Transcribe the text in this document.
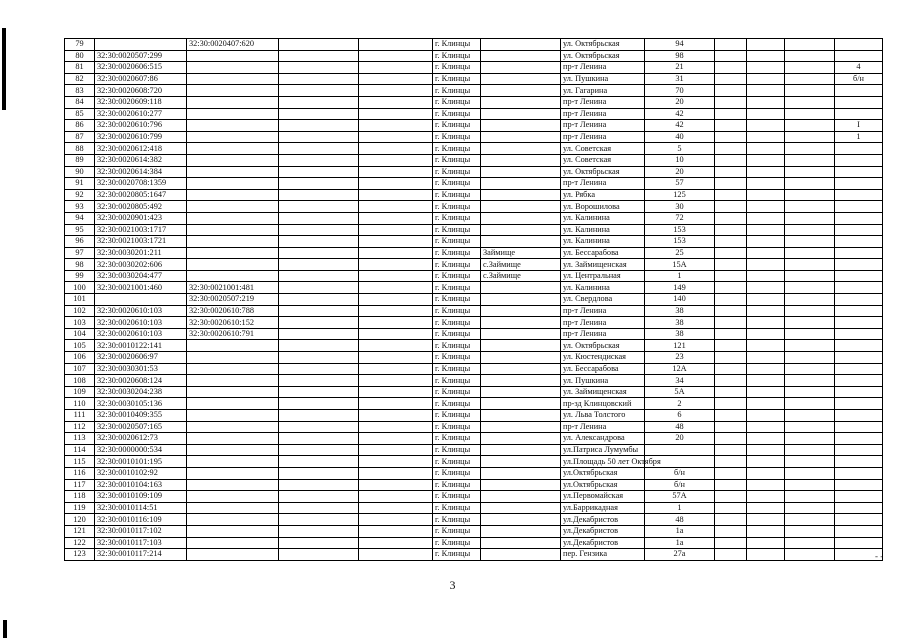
- -
79		32:30:0020407:620			г. Клинцы		ул. Октябрьская	94				
80	32:30:0020507:299				г. Клинцы		ул. Октябрьская	98				
81	32:30:0020606:515				г. Клинцы		пр-т Ленина	21				4
82	32:30:0020607:86				г. Клинцы		ул. Пушкина	31				б/н
83	32:30:0020608:720				г. Клинцы		ул. Гагарина	70				
84	32:30:0020609:118				г. Клинцы		пр-т Ленина	20				
85	32:30:0020610:277				г. Клинцы		пр-т Ленина	42				
86	32:30:0020610:796				г. Клинцы		пр-т Ленина	42				I
87	32:30:0020610:799				г. Клинцы		пр-т Ленина	40				1
88	32:30:0020612:418				г. Клинцы		ул. Советская	5				
89	32:30:0020614:382				г. Клинцы		ул. Советская	10				
90	32:30:0020614:384				г. Клинцы		ул. Октябрьская	20				
91	32:30:0020708:1359				г. Клинцы		пр-т Ленина	57				
92	32:30:0020805:1647				г. Клинцы		ул. Рябка	125				
93	32:30:0020805:492				г. Клинцы		ул. Ворошилова	30				
94	32:30:0020901:423				г. Клинцы		ул. Калинина	72				
95	32:30:0021003:1717				г. Клинцы		ул. Калинина	153				
96	32:30:0021003:1721				г. Клинцы		ул. Калинина	153				
97	32:30:0030201:211				г. Клинцы	Займище	ул. Бессарабова	25				
98	32:30:0030202:606				г. Клинцы	с.Займище	ул. Займищенская	15А				
99	32:30:0030204:477				г. Клинцы	с.Займище	ул. Центральная	1				
100	32:30:0021001:460	32:30:0021001:481			г. Клинцы		ул. Калинина	149				
101		32:30:0020507:219			г. Клинцы		ул. Свердлова	140				
102	32:30:0020610:103	32:30:0020610:788			г. Клинцы		пр-т Ленина	38				
103	32:30:0020610:103	32:30:0020610:152			г. Клинцы		пр-т Ленина	38				
104	32:30:0020610:103	32:30:0020610:791			г. Клинцы		пр-т Ленина	38				
105	32:30:0010122:141				г. Клинцы		ул. Октябрьская	121				
106	32:30:0020606:97				г. Клинцы		ул. Кюстендиская	23				
107	32:30:0030301:53				г. Клинцы		ул. Бессарабова	12А				
108	32:30:0020608:124				г. Клинцы		ул. Пушкина	34				
109	32:30:0030204:238				г. Клинцы		ул. Займищенская	5А				
110	32:30:0030105:136				г. Клинцы		пр-зд Клинцовский	2				
111	32:30:0010409:355				г. Клинцы		ул. Льва Толстого	6				
112	32:30:0020507:165				г. Клинцы		пр-т Ленина	48				
113	32:30:0020612:73				г. Клинцы		ул. Александрова	20				
114	32:30:0000000:534				г. Клинцы		ул.Патриса Лумумбы					
115	32:30:0010101:195				г. Клинцы		ул.Площадь 50 лет Октября					
116	32:30:0010102:92				г. Клинцы		ул.Октябрьская	б/н				
117	32:30:0010104:163				г. Клинцы		ул.Октябрьская	б/н				
118	32:30:0010109:109				г. Клинцы		ул.Первомайская	57А				
119	32:30:0010114:51				г. Клинцы		ул.Баррикадная	1				
120	32:30:0010116:109				г. Клинцы		ул.Декабристов	48				
121	32:30:0010117:102				г. Клинцы		ул.Декабристов	1а				
122	32:30:0010117:103				г. Клинцы		ул.Декабристов	1а				
123	32:30:0010117:214				г. Клинцы		пер. Гензика	27а				
3
